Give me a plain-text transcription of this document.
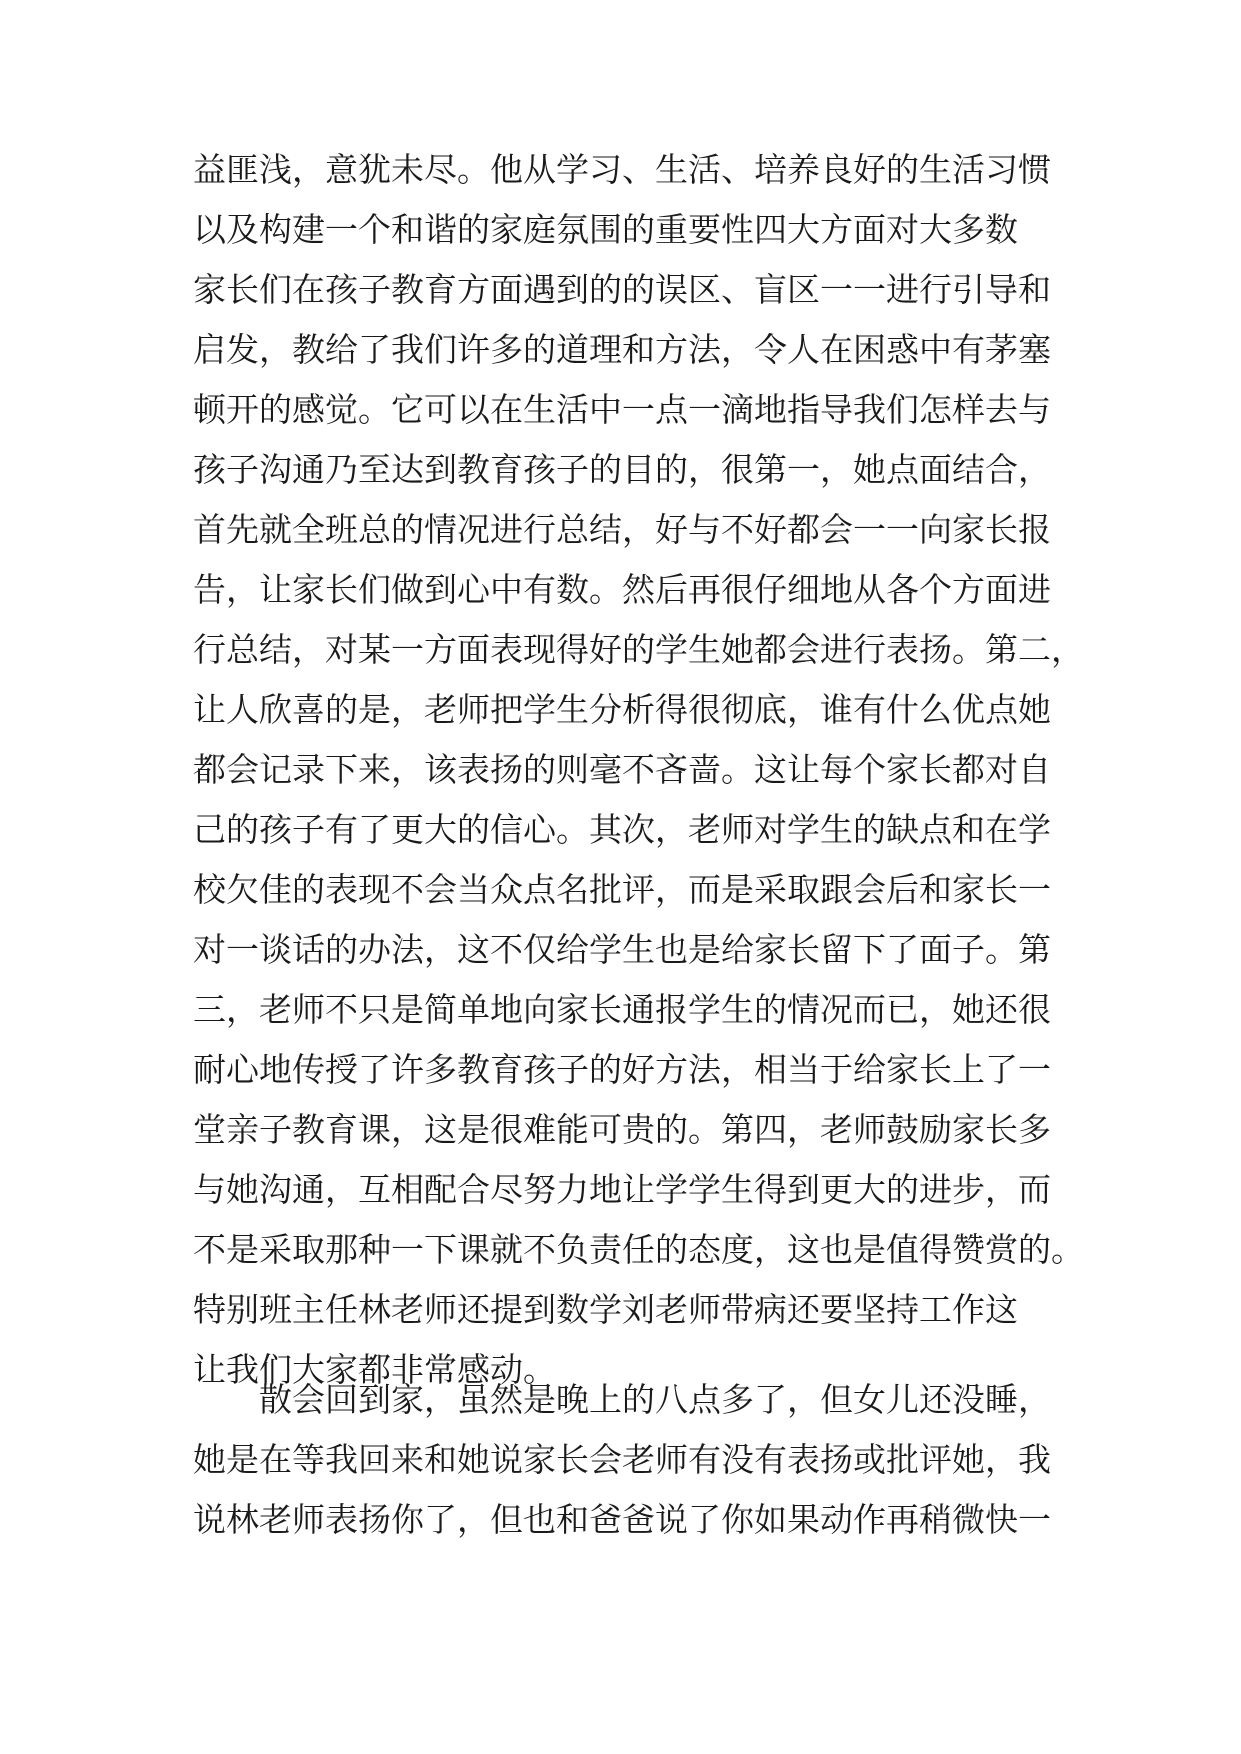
益匪浅，意犹未尽。他从学习、生活、培养良好的生活习惯
以及构建一个和谐的家庭氛围的重要性四大方面对大多数
家长们在孩子教育方面遇到的的误区、盲区一一进行引导和
启发，教给了我们许多的道理和方法，令人在困惑中有茅塞
顿开的感觉。它可以在生活中一点一滴地指导我们怎样去与
孩子沟通乃至达到教育孩子的目的，很第一，她点面结合，
首先就全班总的情况进行总结，好与不好都会一一向家长报
告，让家长们做到心中有数。然后再很仔细地从各个方面进
行总结，对某一方面表现得好的学生她都会进行表扬。第二，
让人欣喜的是，老师把学生分析得很彻底，谁有什么优点她
都会记录下来，该表扬的则毫不吝啬。这让每个家长都对自
己的孩子有了更大的信心。其次，老师对学生的缺点和在学
校欠佳的表现不会当众点名批评，而是采取跟会后和家长一
对一谈话的办法，这不仅给学生也是给家长留下了面子。第
三，老师不只是简单地向家长通报学生的情况而已，她还很
耐心地传授了许多教育孩子的好方法，相当于给家长上了一
堂亲子教育课，这是很难能可贵的。第四，老师鼓励家长多
与她沟通，互相配合尽努力地让学学生得到更大的进步，而
不是采取那种一下课就不负责任的态度，这也是值得赞赏的。
特别班主任林老师还提到数学刘老师带病还要坚持工作这
让我们大家都非常感动。
散会回到家，虽然是晚上的八点多了，但女儿还没睡，
她是在等我回来和她说家长会老师有没有表扬或批评她，我
说林老师表扬你了，但也和爸爸说了你如果动作再稍微快一
